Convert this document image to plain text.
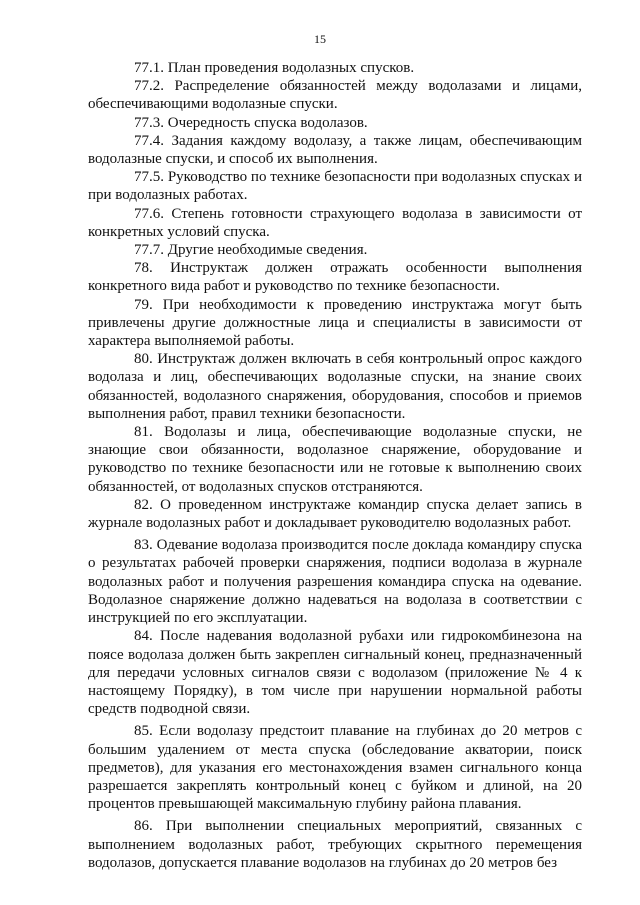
15

77.1. План проведения водолазных спусков.

77.2. Распределение обязанностей между водолазами и лицами, обеспечивающими водолазные спуски.

77.3. Очередность спуска водолазов.

77.4. Задания каждому водолазу, а также лицам, обеспечивающим водолазные спуски, и способ их выполнения.

77.5. Руководство по технике безопасности при водолазных спусках и при водолазных работах.

77.6. Степень готовности страхующего водолаза в зависимости от конкретных условий спуска.

77.7. Другие необходимые сведения.

78. Инструктаж должен отражать особенности выполнения конкретного вида работ и руководство по технике безопасности.

79. При необходимости к проведению инструктажа могут быть привлечены другие должностные лица и специалисты в зависимости от характера выполняемой работы.

80. Инструктаж должен включать в себя контрольный опрос каждого водолаза и лиц, обеспечивающих водолазные спуски, на знание своих обязанностей, водолазного снаряжения, оборудования, способов и приемов выполнения работ, правил техники безопасности.

81. Водолазы и лица, обеспечивающие водолазные спуски, не знающие свои обязанности, водолазное снаряжение, оборудование и руководство по технике безопасности или не готовые к выполнению своих обязанностей, от водолазных спусков отстраняются.

82. О проведенном инструктаже командир спуска делает запись в журнале водолазных работ и докладывает руководителю водолазных работ.

83. Одевание водолаза производится после доклада командиру спуска о результатах рабочей проверки снаряжения, подписи водолаза в журнале водолазных работ и получения разрешения командира спуска на одевание. Водолазное снаряжение должно надеваться на водолаза в соответствии с инструкцией по его эксплуатации.

84. После надевания водолазной рубахи или гидрокомбинезона на поясе водолаза должен быть закреплен сигнальный конец, предназначенный для передачи условных сигналов связи с водолазом (приложение № 4 к настоящему Порядку), в том числе при нарушении нормальной работы средств подводной связи.

85. Если водолазу предстоит плавание на глубинах до 20 метров с большим удалением от места спуска (обследование акватории, поиск предметов), для указания его местонахождения взамен сигнального конца разрешается закреплять контрольный конец с буйком и длиной, на 20 процентов превышающей максимальную глубину района плавания.

86. При выполнении специальных мероприятий, связанных с выполнением водолазных работ, требующих скрытного перемещения водолазов, допускается плавание водолазов на глубинах до 20 метров без
